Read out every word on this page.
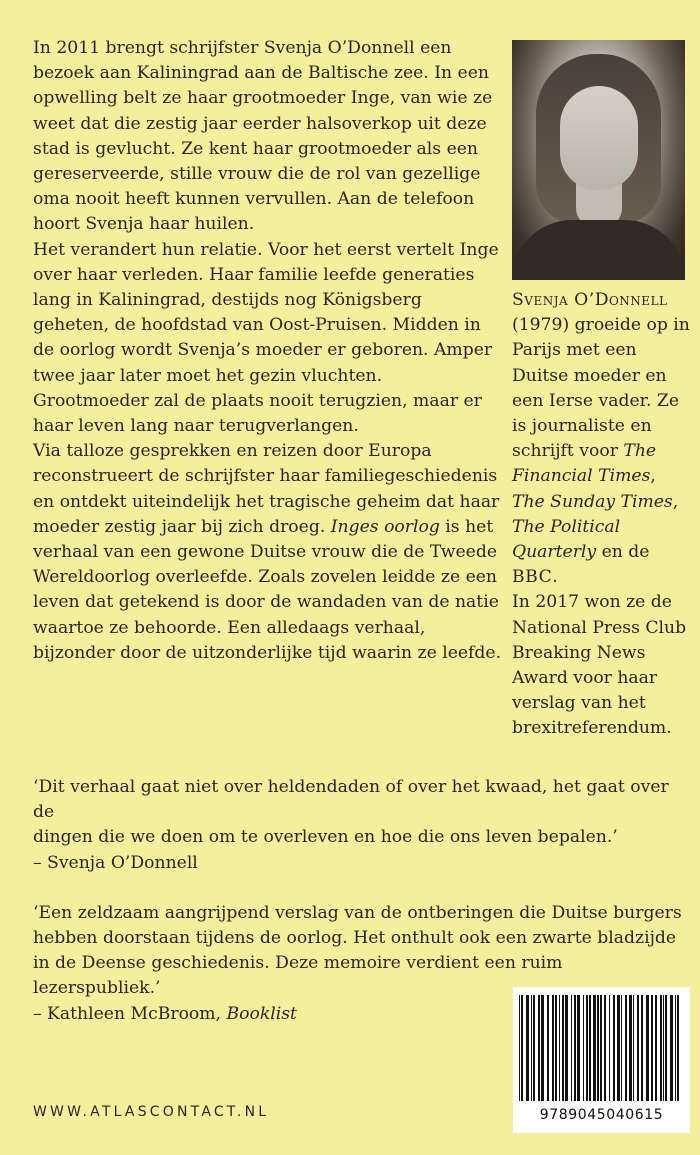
In 2011 brengt schrijfster Svenja O’Donnell een bezoek aan Kaliningrad aan de Baltische zee. In een opwelling belt ze haar grootmoeder Inge, van wie ze weet dat die zestig jaar eerder halsoverkop uit deze stad is gevlucht. Ze kent haar grootmoeder als een gereserveerde, stille vrouw die de rol van gezellige oma nooit heeft kunnen vervullen. Aan de telefoon hoort Svenja haar huilen.

Het verandert hun relatie. Voor het eerst vertelt Inge over haar verleden. Haar familie leefde generaties lang in Kaliningrad, destijds nog Königsberg geheten, de hoofdstad van Oost-Pruisen. Midden in de oorlog wordt Svenja’s moeder er geboren. Amper twee jaar later moet het gezin vluchten. Grootmoeder zal de plaats nooit terugzien, maar er haar leven lang naar terugverlangen.

Via talloze gesprekken en reizen door Europa reconstrueert de schrijfster haar familiegeschiedenis en ontdekt uiteindelijk het tragische geheim dat haar moeder zestig jaar bij zich droeg. Inges oorlog is het verhaal van een gewone Duitse vrouw die de Tweede Wereldoorlog overleefde. Zoals zovelen leidde ze een leven dat getekend is door de wandaden van de natie waartoe ze behoorde. Een alledaags verhaal, bijzonder door de uitzonderlijke tijd waarin ze leefde.

Svenja O’Donnell (1979) groeide op in Parijs met een Duitse moeder en een Ierse vader. Ze is journaliste en schrijft voor The Financial Times, The Sunday Times, The Political Quarterly en de BBC.

In 2017 won ze de National Press Club Breaking News Award voor haar verslag van het brexitreferendum.

‘Dit verhaal gaat niet over heldendaden of over het kwaad, het gaat over de
dingen die we doen om te overleven en hoe die ons leven bepalen.’
– Svenja O’Donnell
‘Een zeldzaam aangrijpend verslag van de ontberingen die Duitse burgers
hebben doorstaan tijdens de oorlog. Het onthult ook een zwarte bladzijde
in de Deense geschiedenis. Deze memoire verdient een ruim lezerspubliek.’
– Kathleen McBroom, Booklist
WWW.ATLASCONTACT.NL	9789045040615
